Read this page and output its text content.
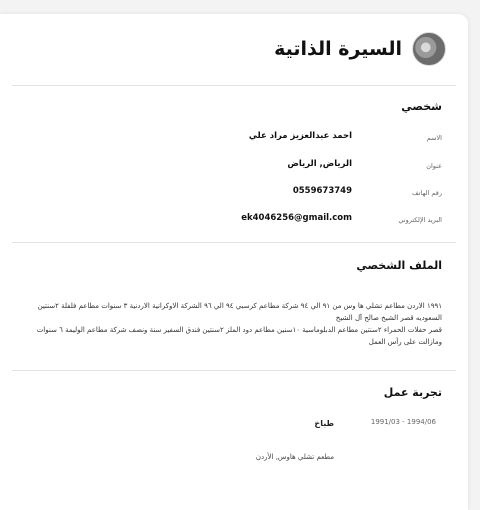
السيرة الذاتية
شخصي
الاسم
احمد عبدالعزيز مراد علي
عنوان
الرياض, الرياض
رقم الهاتف
0559673749
البريد الإلكتروني
ek4046256@gmail.com
الملف الشخصي

١٩٩١ الاردن مطاعم تشلي ها وس من ٩١ الي ٩٤ شركة مطاعم كرسبي ٩٤ الي ٩٦ الشركة الاوكرانية الاردنية ٣ سنوات مطاعم فلفلة ٢سنتين

السعوديه قصر الشيخ صالح آل الشيخ

قصر حفلات الحمراء ٢سنتين مطاعم الدبلوماسية ١٠سنين مطاعم دود الملز ٢سنتين فندق السفير سنة ونصف شركة مطاعم الوليمة ٦ سنوات ومازالت على رأس العمل

تجربة عمل
طباخ	1991/03 - 1994/06
مطعم تشلي هاوس, الأردن
